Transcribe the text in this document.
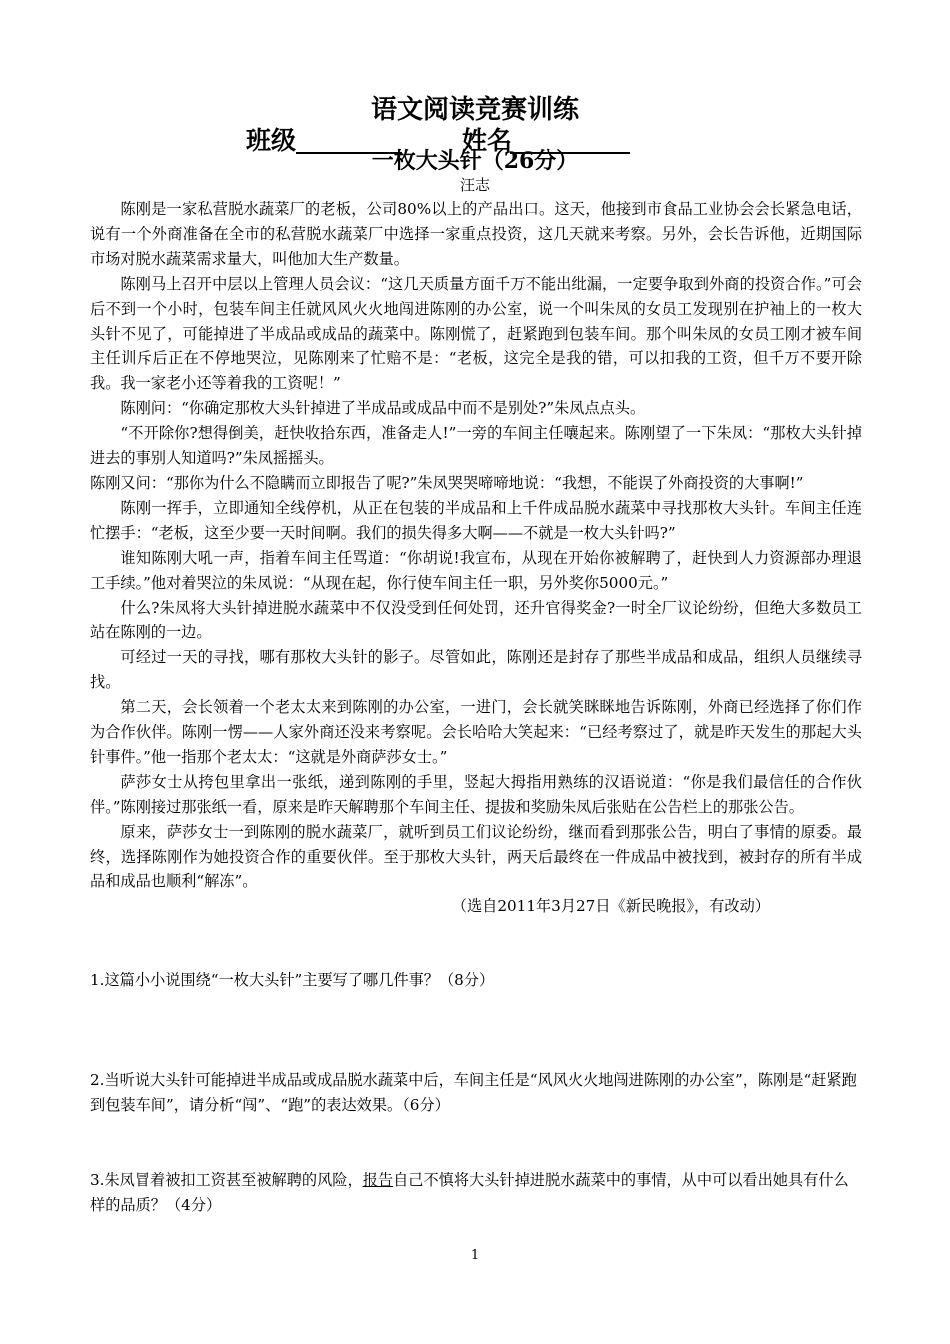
语文阅读竞赛训练
班级	姓名
一枚大头针（26分）
汪志

陈刚是一家私营脱水蔬菜厂的老板，公司80%以上的产品出口。这天，他接到市食品工业协会会长紧急电话，说有一个外商准备在全市的私营脱水蔬菜厂中选择一家重点投资，这几天就来考察。另外，会长告诉他，近期国际市场对脱水蔬菜需求量大，叫他加大生产数量。

陈刚马上召开中层以上管理人员会议：“这几天质量方面千万不能出纰漏，一定要争取到外商的投资合作。”可会后不到一个小时，包装车间主任就风风火火地闯进陈刚的办公室，说一个叫朱凤的女员工发现别在护袖上的一枚大头针不见了，可能掉进了半成品或成品的蔬菜中。陈刚慌了，赶紧跑到包装车间。那个叫朱凤的女员工刚才被车间主任训斥后正在不停地哭泣，见陈刚来了忙赔不是：“老板，这完全是我的错，可以扣我的工资，但千万不要开除我。我一家老小还等着我的工资呢！”

陈刚问：“你确定那枚大头针掉进了半成品或成品中而不是别处?”朱凤点点头。

“不开除你?想得倒美，赶快收拾东西，准备走人!”一旁的车间主任嚷起来。陈刚望了一下朱凤：“那枚大头针掉进去的事别人知道吗?”朱凤摇摇头。

陈刚又问：“那你为什么不隐瞒而立即报告了呢?”朱凤哭哭啼啼地说：“我想，不能误了外商投资的大事啊!”

陈刚一挥手，立即通知全线停机，从正在包装的半成品和上千件成品脱水蔬菜中寻找那枚大头针。车间主任连忙摆手：“老板，这至少要一天时间啊。我们的损失得多大啊——不就是一枚大头针吗?”

谁知陈刚大吼一声，指着车间主任骂道：“你胡说!我宣布，从现在开始你被解聘了，赶快到人力资源部办理退工手续。”他对着哭泣的朱凤说：“从现在起，你行使车间主任一职，另外奖你5000元。”

什么?朱凤将大头针掉进脱水蔬菜中不仅没受到任何处罚，还升官得奖金?一时全厂议论纷纷，但绝大多数员工站在陈刚的一边。

可经过一天的寻找，哪有那枚大头针的影子。尽管如此，陈刚还是封存了那些半成品和成品，组织人员继续寻找。

第二天，会长领着一个老太太来到陈刚的办公室，一进门，会长就笑眯眯地告诉陈刚，外商已经选择了你们作为合作伙伴。陈刚一愣——人家外商还没来考察呢。会长哈哈大笑起来：“已经考察过了，就是昨天发生的那起大头针事件。”他一指那个老太太：“这就是外商萨莎女士。”

萨莎女士从挎包里拿出一张纸，递到陈刚的手里，竖起大拇指用熟练的汉语说道：“你是我们最信任的合作伙伴。”陈刚接过那张纸一看，原来是昨天解聘那个车间主任、提拔和奖励朱凤后张贴在公告栏上的那张公告。

原来，萨莎女士一到陈刚的脱水蔬菜厂，就听到员工们议论纷纷，继而看到那张公告，明白了事情的原委。最终，选择陈刚作为她投资合作的重要伙伴。至于那枚大头针，两天后最终在一件成品中被找到，被封存的所有半成品和成品也顺利“解冻”。

（选自2011年3月27日《新民晚报》，有改动）

1.这篇小小说围绕“一枚大头针”主要写了哪几件事？（8分）

2.当听说大头针可能掉进半成品或成品脱水蔬菜中后，车间主任是“风风火火地闯进陈刚的办公室”，陈刚是“赶紧跑到包装车间”，请分析“闯”、“跑”的表达效果。（6分）

3.朱凤冒着被扣工资甚至被解聘的风险，报告自己不慎将大头针掉进脱水蔬菜中的事情，从中可以看出她具有什么样的品质？（4分）

1
